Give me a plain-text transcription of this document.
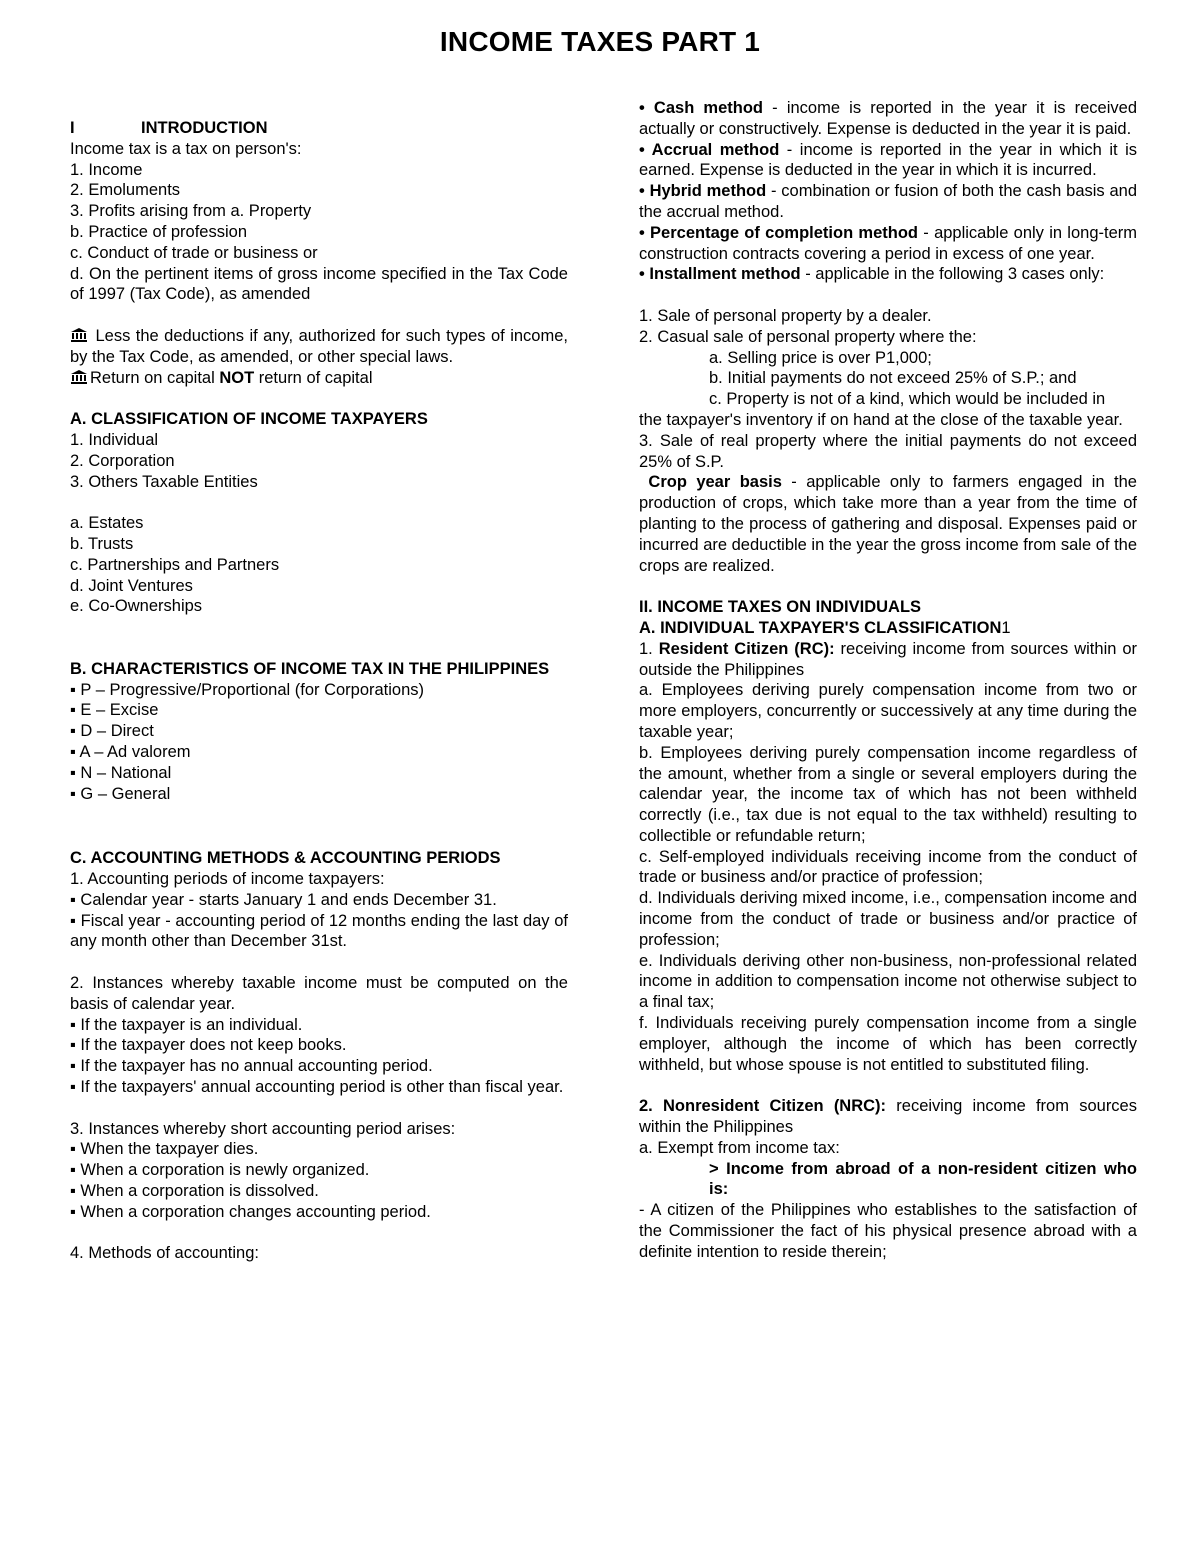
INCOME TAXES PART 1
I	INTRODUCTION
Income tax is a tax on person's:
1. Income
2. Emoluments
3. Profits arising from a. Property
b. Practice of profession
c. Conduct of trade or business or
d. On the pertinent items of gross income specified in the Tax Code of 1997 (Tax Code), as amended
Less the deductions if any, authorized for such types of income, by the Tax Code, as amended, or other special laws.
Return on capital NOT return of capital
A. CLASSIFICATION OF INCOME TAXPAYERS
1. Individual
2. Corporation
3. Others Taxable Entities
a. Estates
b. Trusts
c. Partnerships and Partners
d. Joint Ventures
e. Co-Ownerships
B. CHARACTERISTICS OF INCOME TAX IN THE PHILIPPINES
▪ P – Progressive/Proportional (for Corporations)
▪ E – Excise
▪ D – Direct
▪ A – Ad valorem
▪ N – National
▪ G – General
C. ACCOUNTING METHODS & ACCOUNTING PERIODS
1. Accounting periods of income taxpayers:
▪ Calendar year - starts January 1 and ends December 31.
▪ Fiscal year - accounting period of 12 months ending the last day of any month other than December 31st.
2. Instances whereby taxable income must be computed on the basis of calendar year.
▪ If the taxpayer is an individual.
▪ If the taxpayer does not keep books.
▪ If the taxpayer has no annual accounting period.
▪ If the taxpayers' annual accounting period is other than fiscal year.
3. Instances whereby short accounting period arises:
▪ When the taxpayer dies.
▪ When a corporation is newly organized.
▪ When a corporation is dissolved.
▪ When a corporation changes accounting period.
4. Methods of accounting:
• Cash method - income is reported in the year it is received actually or constructively. Expense is deducted in the year it is paid.
• Accrual method - income is reported in the year in which it is earned. Expense is deducted in the year in which it is incurred.
• Hybrid method - combination or fusion of both the cash basis and the accrual method.
• Percentage of completion method - applicable only in long-term construction contracts covering a period in excess of one year.
• Installment method - applicable in the following 3 cases only:
1. Sale of personal property by a dealer.
2. Casual sale of personal property where the:
a. Selling price is over P1,000;
b. Initial payments do not exceed 25% of S.P.; and
c. Property is not of a kind, which would be included in
the taxpayer's inventory if on hand at the close of the taxable year.
3. Sale of real property where the initial payments do not exceed 25% of S.P.
Crop year basis - applicable only to farmers engaged in the production of crops, which take more than a year from the time of planting to the process of gathering and disposal. Expenses paid or incurred are deductible in the year the gross income from sale of the crops are realized.
II. INCOME TAXES ON INDIVIDUALS
A. INDIVIDUAL TAXPAYER'S CLASSIFICATION1
1. Resident Citizen (RC): receiving income from sources within or outside the Philippines
a. Employees deriving purely compensation income from two or more employers, concurrently or successively at any time during the taxable year;
b. Employees deriving purely compensation income regardless of the amount, whether from a single or several employers during the calendar year, the income tax of which has not been withheld correctly (i.e., tax due is not equal to the tax withheld) resulting to collectible or refundable return;
c. Self-employed individuals receiving income from the conduct of trade or business and/or practice of profession;
d. Individuals deriving mixed income, i.e., compensation income and income from the conduct of trade or business and/or practice of profession;
e. Individuals deriving other non-business, non-professional related income in addition to compensation income not otherwise subject to a final tax;
f. Individuals receiving purely compensation income from a single employer, although the income of which has been correctly withheld, but whose spouse is not entitled to substituted filing.
2. Nonresident Citizen (NRC): receiving income from sources within the Philippines
a. Exempt from income tax:
> Income from abroad of a non-resident citizen who is:
- A citizen of the Philippines who establishes to the satisfaction of the Commissioner the fact of his physical presence abroad with a definite intention to reside therein;
